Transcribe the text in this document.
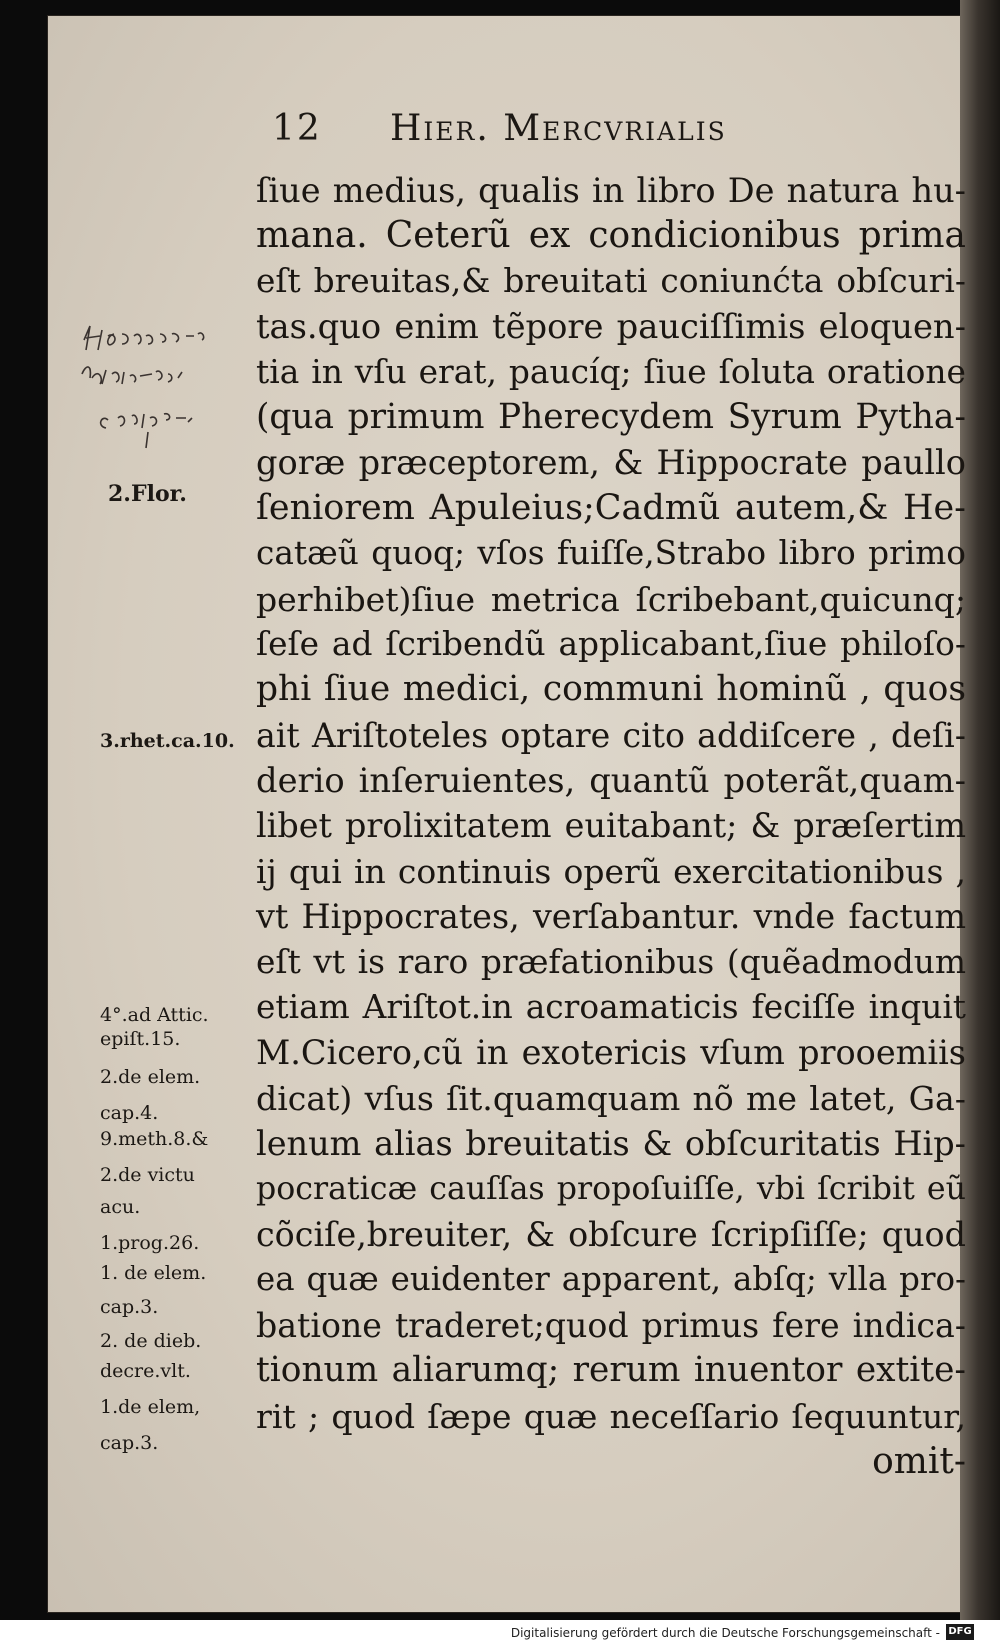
12 Hier. Mercvrialis
2.Flor.
3.rhet.ca.10.
4°.ad Attic.
epiſt.15.
2.de elem.
cap.4.
9.meth.8.&
2.de victu
acu.
1.prog.26.
1. de elem.
cap.3.
2. de dieb.
decre.vlt.
1.de elem,
cap.3.
ſiue medius, qualis in libro De natura hu-
mana. Ceterũ ex condicionibus prima
eſt breuitas,& breuitati coniunćta obſcuri-
tas.quo enim tẽpore pauciſſimis eloquen-
tia in vſu erat, paucíq; ſiue ſoluta oratione
(qua primum Pherecydem Syrum Pytha-
goræ præceptorem, & Hippocrate paullo
ſeniorem Apuleius;Cadmũ autem,& He-
catæũ quoq; vſos fuiſſe,Strabo libro primo
perhibet)ſiue metrica ſcribebant,quicunq;
ſeſe ad ſcribendũ applicabant,ſiue philoſo-
phi ſiue medici, communi hominũ , quos
ait Ariſtoteles optare cito addiſcere , deſi-
derio inſeruientes, quantũ poterãt,quam-
libet prolixitatem euitabant; & præſertim
ij qui in continuis operũ exercitationibus ,
vt Hippocrates, verſabantur. vnde factum
eſt vt is raro præfationibus (quẽadmodum
etiam Ariſtot.in acroamaticis feciſſe inquit
M.Cicero,cũ in exotericis vſum prooemiis
dicat) vſus ſit.quamquam nõ me latet, Ga-
lenum alias breuitatis & obſcuritatis Hip-
pocraticæ cauſſas propoſuiſſe, vbi ſcribit eũ
cõciſe,breuiter, & obſcure ſcripſiſſe; quod
ea quæ euidenter apparent, abſq; vlla pro-
batione traderet;quod primus fere indica-
tionum aliarumq; rerum inuentor extite-
rit ; quod ſæpe quæ neceſſario ſequuntur,
omit-
Digitalisierung gefördert durch die Deutsche Forschungsgemeinschaft - DFG
